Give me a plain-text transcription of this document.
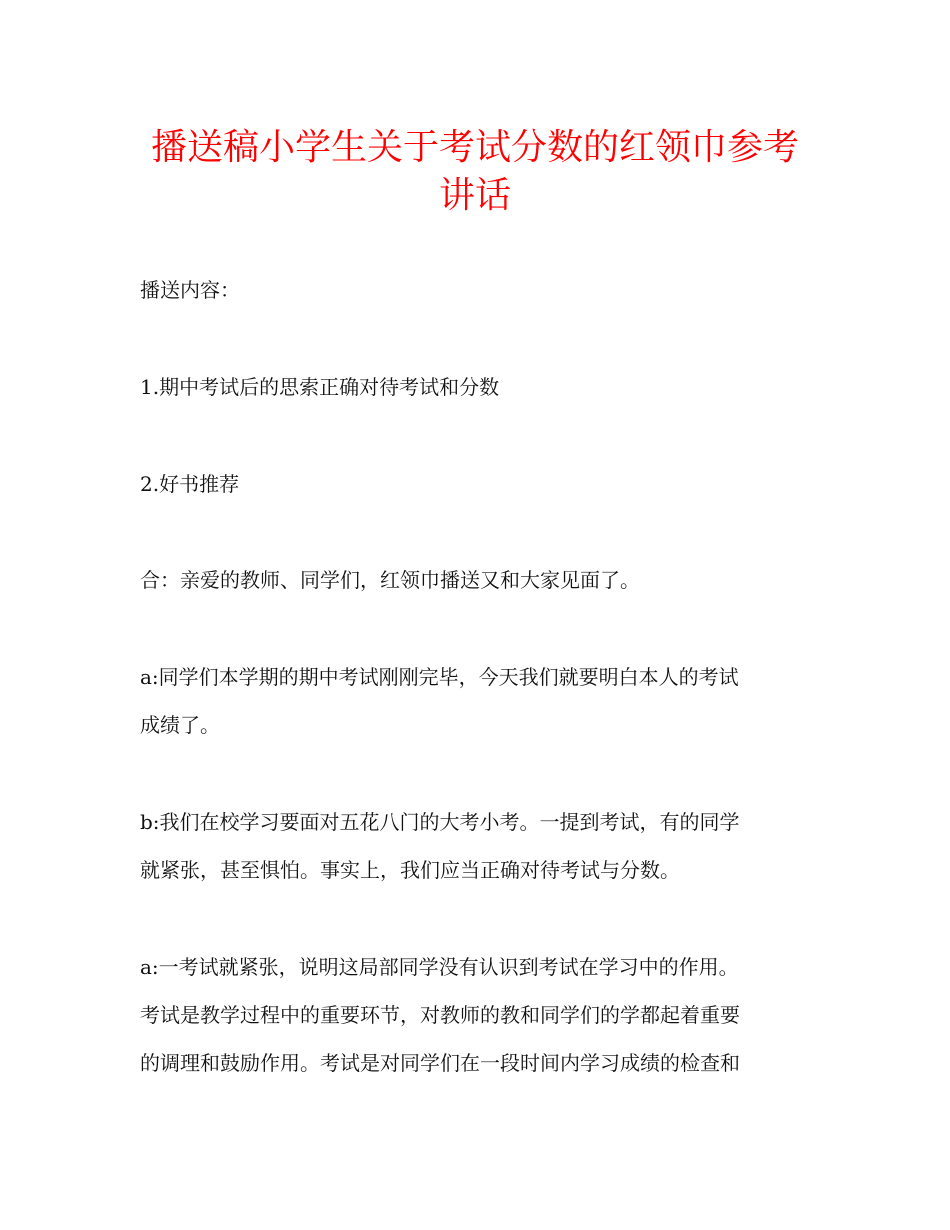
播送稿小学生关于考试分数的红领巾参考
讲话

播送内容：

1.期中考试后的思索正确对待考试和分数

2.好书推荐

合：亲爱的教师、同学们，红领巾播送又和大家见面了。

a:同学们本学期的期中考试刚刚完毕，今天我们就要明白本人的考试

成绩了。

b:我们在校学习要面对五花八门的大考小考。一提到考试，有的同学

就紧张，甚至惧怕。事实上，我们应当正确对待考试与分数。

a:一考试就紧张，说明这局部同学没有认识到考试在学习中的作用。

考试是教学过程中的重要环节，对教师的教和同学们的学都起着重要

的调理和鼓励作用。考试是对同学们在一段时间内学习成绩的检查和
